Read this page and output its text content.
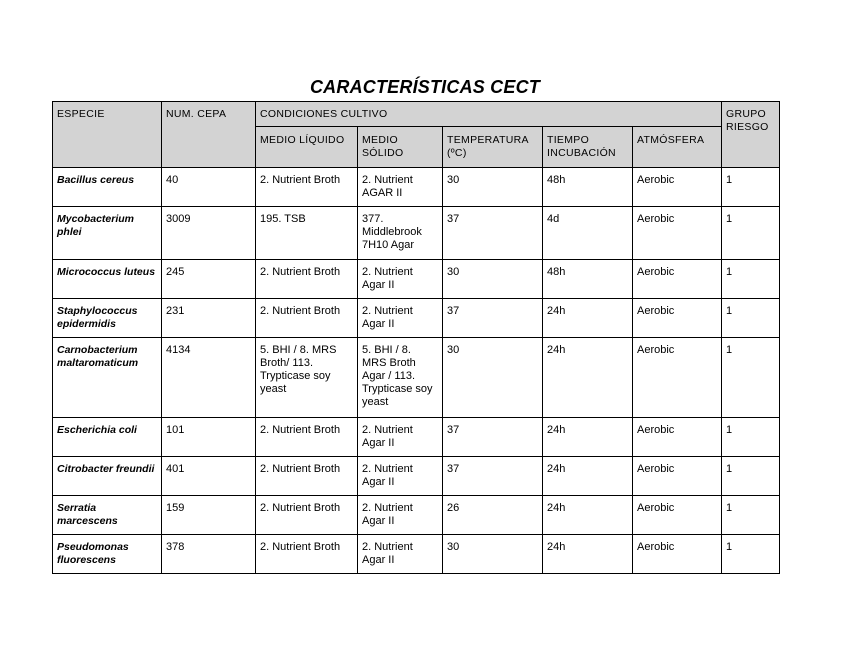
CARACTERÍSTICAS CECT
ESPECIE	NUM. CEPA	CONDICIONES CULTIVO					GRUPO RIESGO
		MEDIO LÍQUIDO	MEDIO SÓLIDO	TEMPERATURA (ºC)	TIEMPO INCUBACIÓN	ATMÓSFERA	
Bacillus cereus	40	2. Nutrient Broth	2. Nutrient AGAR II	30	48h	Aerobic	1
Mycobacterium phlei	3009	195. TSB	377. Middlebrook 7H10 Agar	37	4d	Aerobic	1
Micrococcus luteus	245	2. Nutrient Broth	2. Nutrient Agar II	30	48h	Aerobic	1
Staphylococcus epidermidis	231	2. Nutrient Broth	2. Nutrient Agar II	37	24h	Aerobic	1
Carnobacterium maltaromaticum	4134	5. BHI / 8. MRS Broth/ 113. Trypticase soy yeast	5. BHI / 8. MRS Broth Agar / 113. Trypticase soy yeast	30	24h	Aerobic	1
Escherichia coli	101	2. Nutrient Broth	2. Nutrient Agar II	37	24h	Aerobic	1
Citrobacter freundii	401	2. Nutrient Broth	2. Nutrient Agar II	37	24h	Aerobic	1
Serratia marcescens	159	2. Nutrient Broth	2. Nutrient Agar II	26	24h	Aerobic	1
Pseudomonas fluorescens	378	2. Nutrient Broth	2. Nutrient Agar II	30	24h	Aerobic	1
